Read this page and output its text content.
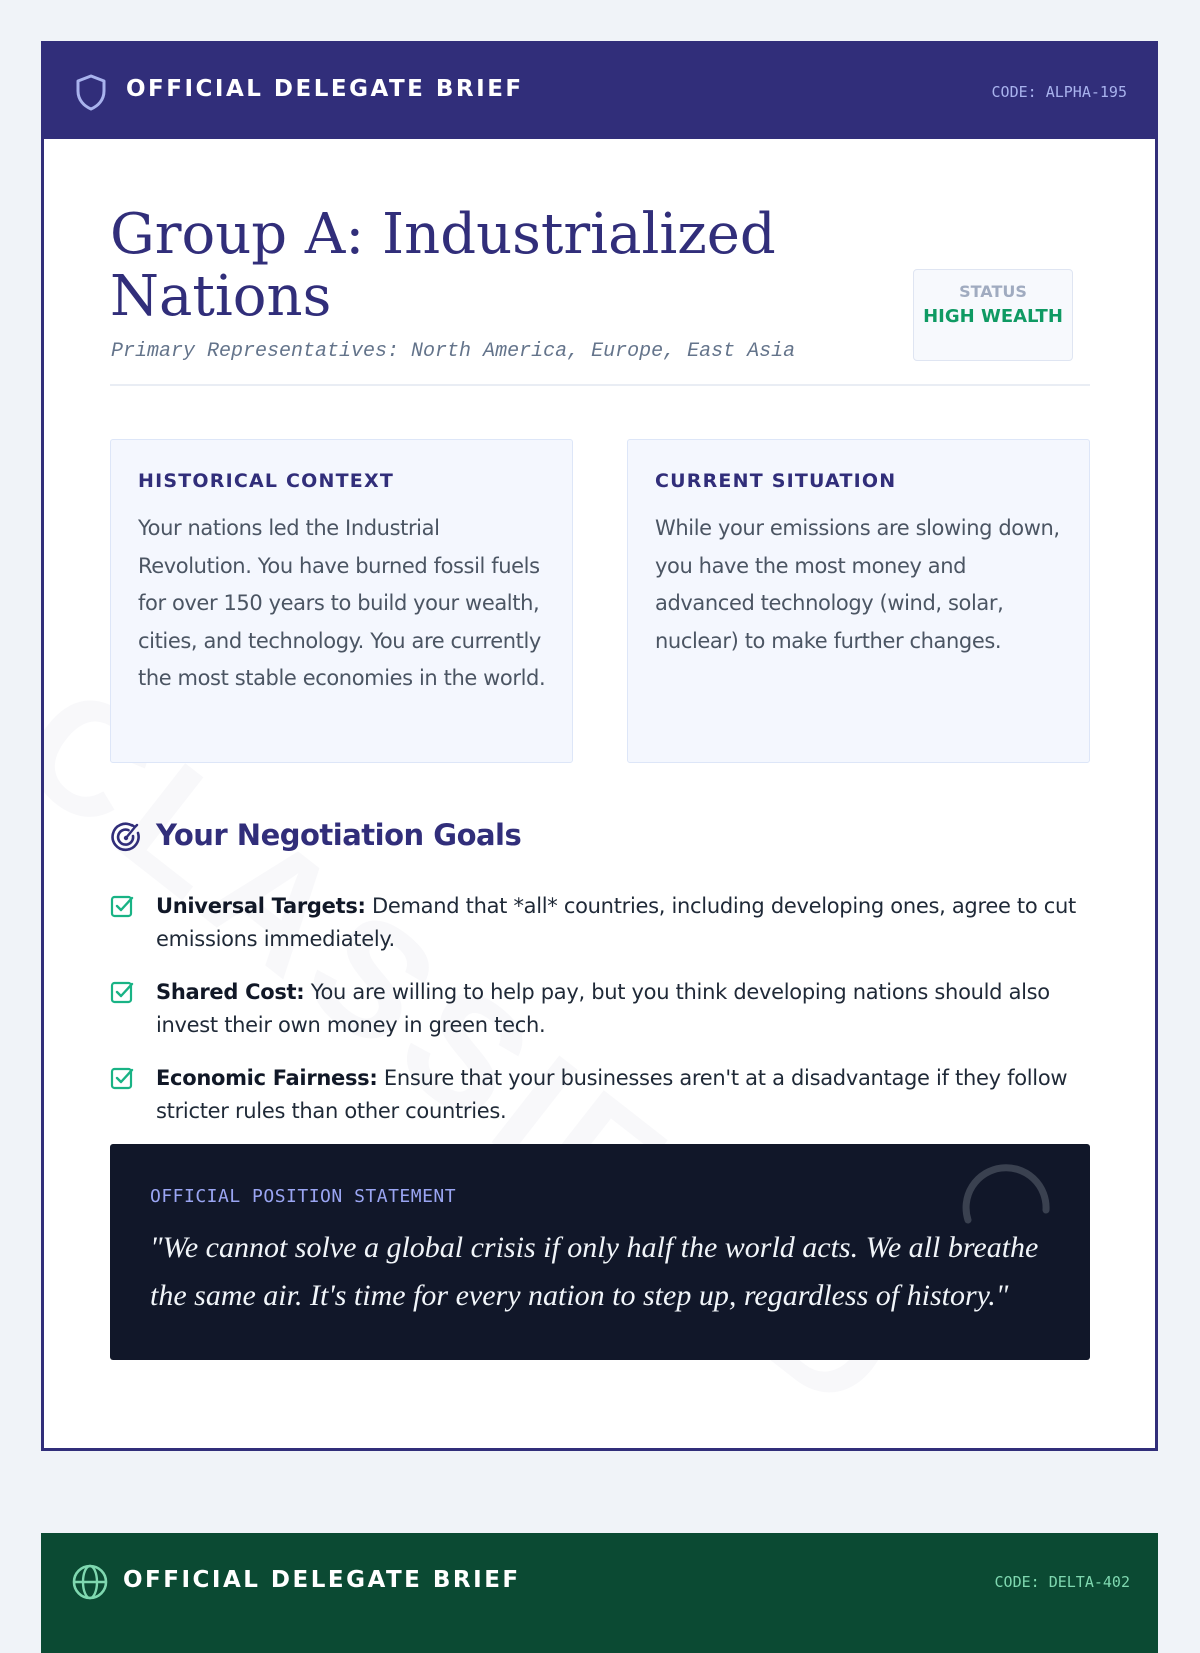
OFFICIAL DELEGATE BRIEF	CODE: ALPHA-195
Group A: Industrialized Nations
Primary Representatives: North America, Europe, East Asia
STATUS
HIGH WEALTH
HISTORICAL CONTEXT

Your nations led the Industrial Revolution. You have burned fossil fuels for over 150 years to build your wealth, cities, and technology. You are currently the most stable economies in the world.

CURRENT SITUATION

While your emissions are slowing down, you have the most money and advanced technology (wind, solar, nuclear) to make further changes.

Your Negotiation Goals
Universal Targets: Demand that *all* countries, including developing ones, agree to cut emissions immediately.
Shared Cost: You are willing to help pay, but you think developing nations should also invest their own money in green tech.
Economic Fairness: Ensure that your businesses aren't at a disadvantage if they follow stricter rules than other countries.
OFFICIAL POSITION STATEMENT

"We cannot solve a global crisis if only half the world acts. We all breathe the same air. It's time for every nation to step up, regardless of history."

OFFICIAL DELEGATE BRIEF	CODE: DELTA-402
